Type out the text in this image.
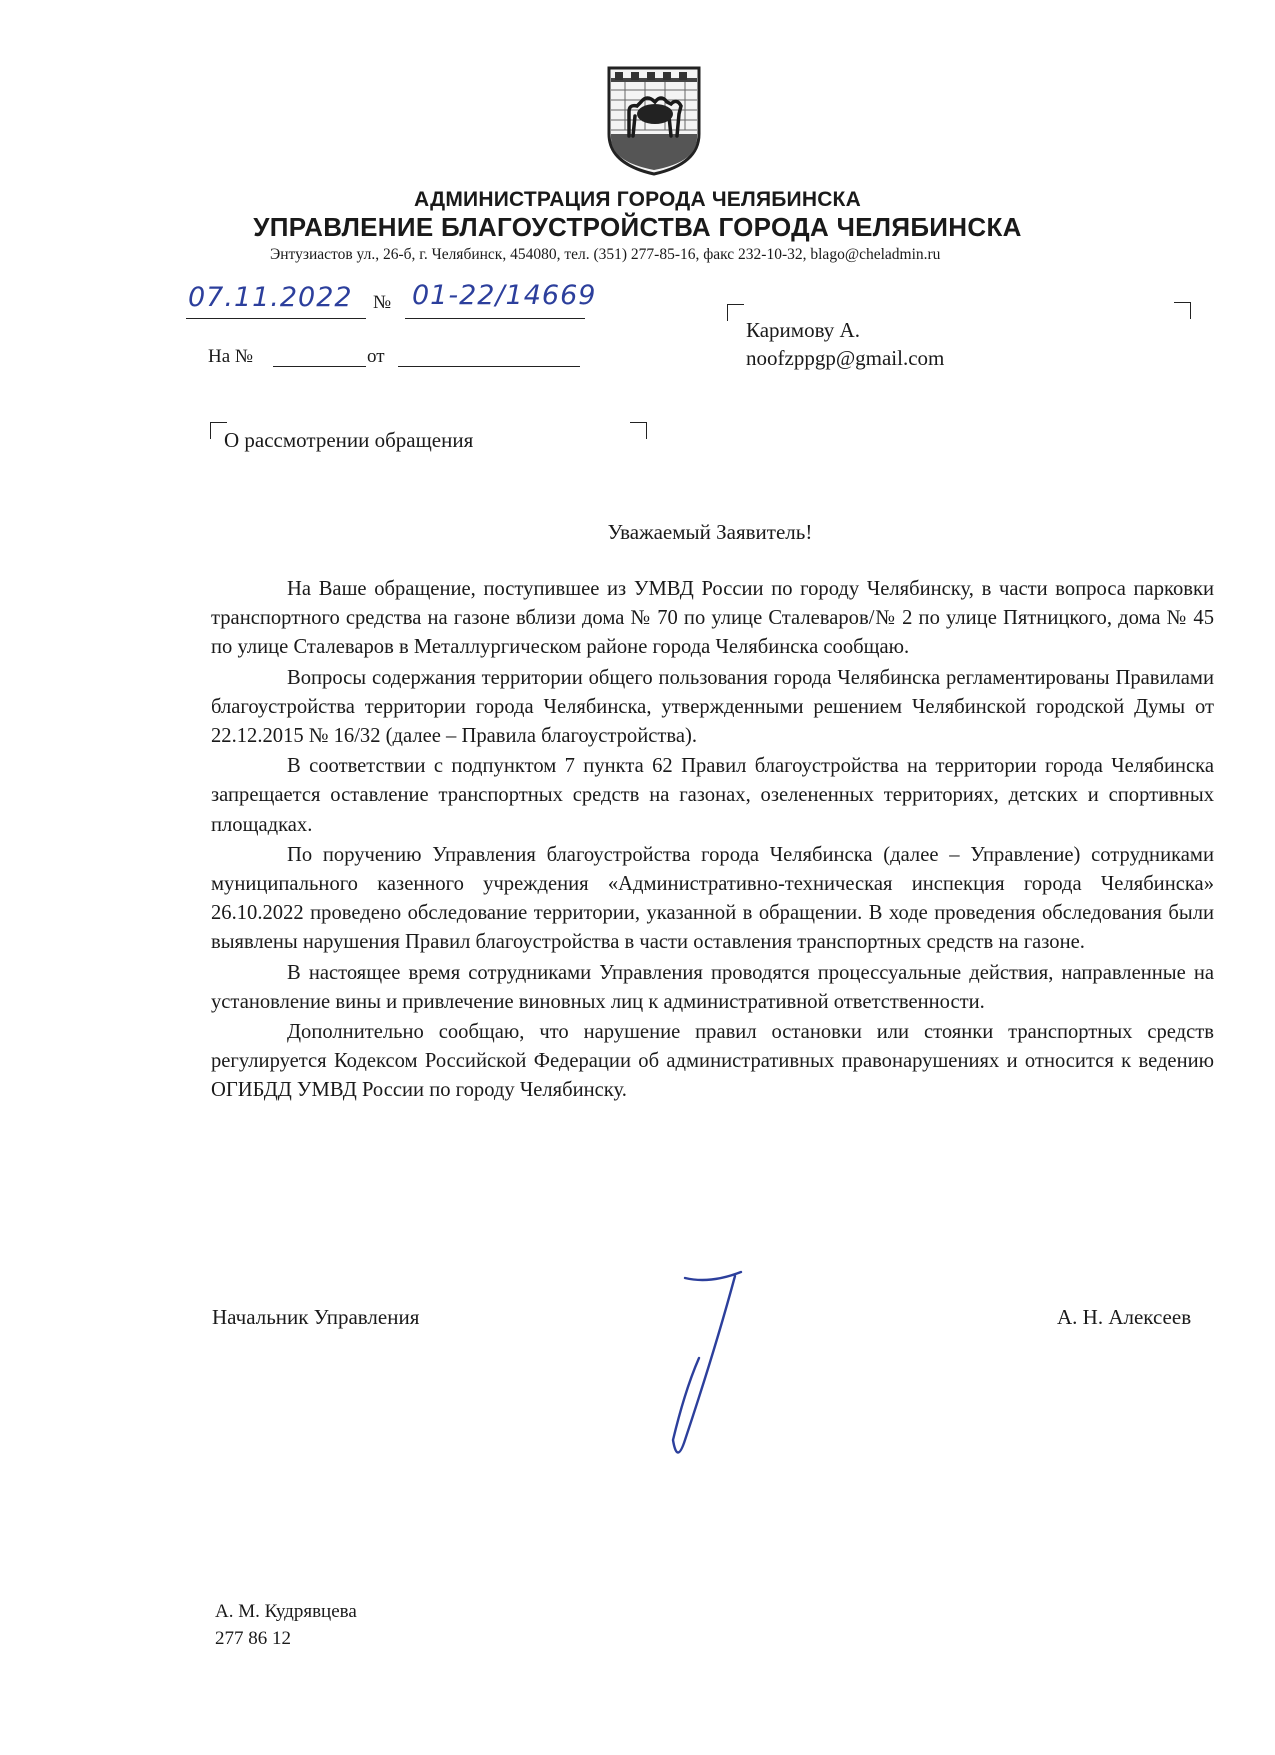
АДМИНИСТРАЦИЯ ГОРОДА ЧЕЛЯБИНСКА
УПРАВЛЕНИЕ БЛАГОУСТРОЙСТВА ГОРОДА ЧЕЛЯБИНСКА
Энтузиастов ул., 26-б, г. Челябинск, 454080, тел. (351) 277-85-16, факс 232-10-32, blago@cheladmin.ru
07.11.2022 № 01-22/14669
На №	от
Каримову А.
noofzppgp@gmail.com
О рассмотрении обращения
Уважаемый Заявитель!

На Ваше обращение, поступившее из УМВД России по городу Челябинску, в части вопроса парковки транспортного средства на газоне вблизи дома № 70 по улице Сталеваров/№ 2 по улице Пятницкого, дома № 45 по улице Сталеваров в Металлургическом районе города Челябинска сообщаю.

Вопросы содержания территории общего пользования города Челябинска регламентированы Правилами благоустройства территории города Челябинска, утвержденными решением Челябинской городской Думы от 22.12.2015 № 16/32 (далее – Правила благоустройства).

В соответствии с подпунктом 7 пункта 62 Правил благоустройства на территории города Челябинска запрещается оставление транспортных средств на газонах, озелененных территориях, детских и спортивных площадках.

По поручению Управления благоустройства города Челябинска (далее – Управление) сотрудниками муниципального казенного учреждения «Административно-техническая инспекция города Челябинска» 26.10.2022 проведено обследование территории, указанной в обращении. В ходе проведения обследования были выявлены нарушения Правил благоустройства в части оставления транспортных средств на газоне.

В настоящее время сотрудниками Управления проводятся процессуальные действия, направленные на установление вины и привлечение виновных лиц к административной ответственности.

Дополнительно сообщаю, что нарушение правил остановки или стоянки транспортных средств регулируется Кодексом Российской Федерации об административных правонарушениях и относится к ведению ОГИБДД УМВД России по городу Челябинску.

Начальник Управления	А. Н. Алексеев
А. М. Кудрявцева
277 86 12
